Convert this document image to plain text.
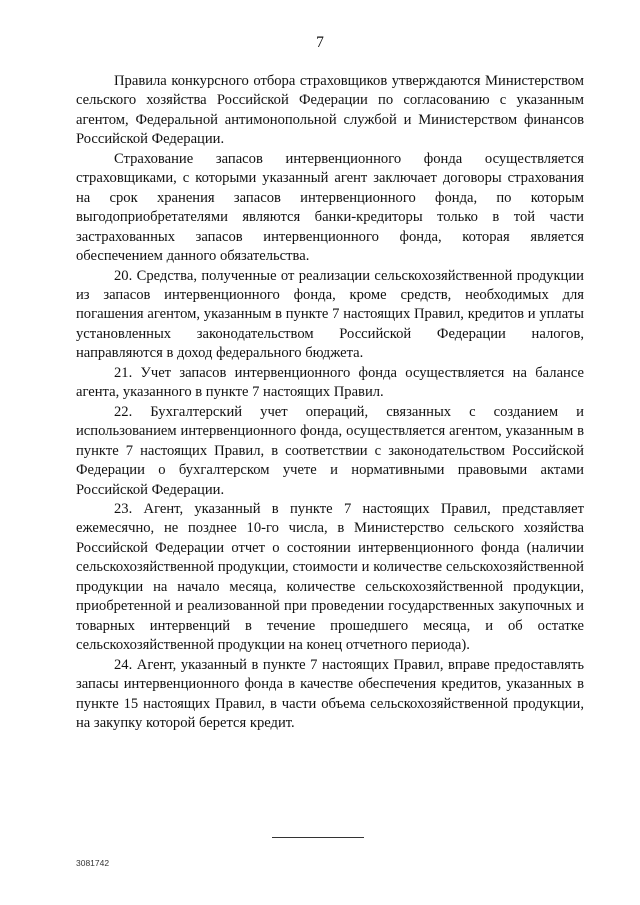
7

Правила конкурсного отбора страховщиков утверждаются Министерством сельского хозяйства Российской Федерации по согласованию с указанным агентом, Федеральной антимонопольной службой и Министерством финансов Российской Федерации.

Страхование запасов интервенционного фонда осуществляется страховщиками, с которыми указанный агент заключает договоры страхования на срок хранения запасов интервенционного фонда, по которым выгодоприобретателями являются банки-кредиторы только в той части застрахованных запасов интервенционного фонда, которая является обеспечением данного обязательства.

20. Средства, полученные от реализации сельскохозяйственной продукции из запасов интервенционного фонда, кроме средств, необходимых для погашения агентом, указанным в пункте 7 настоящих Правил, кредитов и уплаты установленных законодательством Российской Федерации налогов, направляются в доход федерального бюджета.

21. Учет запасов интервенционного фонда осуществляется на балансе агента, указанного в пункте 7 настоящих Правил.

22. Бухгалтерский учет операций, связанных с созданием и использованием интервенционного фонда, осуществляется агентом, указанным в пункте 7 настоящих Правил, в соответствии с законодательством Российской Федерации о бухгалтерском учете и нормативными правовыми актами Российской Федерации.

23. Агент, указанный в пункте 7 настоящих Правил, представляет ежемесячно, не позднее 10-го числа, в Министерство сельского хозяйства Российской Федерации отчет о состоянии интервенционного фонда (наличии сельскохозяйственной продукции, стоимости и количестве сельскохозяйственной продукции на начало месяца, количестве сельскохозяйственной продукции, приобретенной и реализованной при проведении государственных закупочных и товарных интервенций в течение прошедшего месяца, и об остатке сельскохозяйственной продукции на конец отчетного периода).

24. Агент, указанный в пункте 7 настоящих Правил, вправе предоставлять запасы интервенционного фонда в качестве обеспечения кредитов, указанных в пункте 15 настоящих Правил, в части объема сельскохозяйственной продукции, на закупку которой берется кредит.

3081742
